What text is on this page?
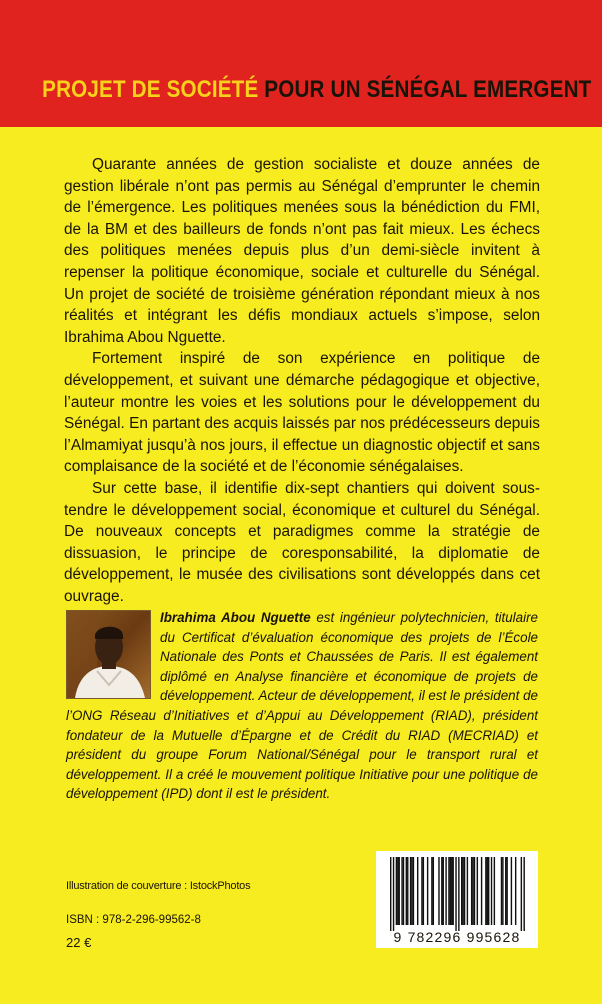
PROJET DE SOCIÉTÉ POUR UN SÉNÉGAL EMERGENT

Quarante années de gestion socialiste et douze années de gestion libérale n’ont pas permis au Sénégal d’emprunter le chemin de l’émergence. Les politiques menées sous la bénédiction du FMI, de la BM et des bailleurs de fonds n’ont pas fait mieux. Les échecs des politiques menées depuis plus d’un demi-siècle invitent à repenser la politique économique, sociale et culturelle du Sénégal. Un projet de société de troisième génération répondant mieux à nos réalités et intégrant les défis mondiaux actuels s’impose, selon Ibrahima Abou Nguette.

Fortement inspiré de son expérience en politique de développement, et suivant une démarche pédagogique et objective, l’auteur montre les voies et les solutions pour le développement du Sénégal. En partant des acquis laissés par nos prédécesseurs depuis l’Almamiyat jusqu’à nos jours, il effectue un diagnostic objectif et sans complaisance de la société et de l’économie sénégalaises.

Sur cette base, il identifie dix-sept chantiers qui doivent sous-tendre le développement social, économique et culturel du Sénégal. De nouveaux concepts et paradigmes comme la stratégie de dissuasion, le principe de coresponsabilité, la diplomatie de développement, le musée des civilisations sont développés dans cet ouvrage.

Ibrahima Abou Nguette est ingénieur polytechnicien, titulaire du Certificat d’évaluation économique des projets de l’École Nationale des Ponts et Chaussées de Paris. Il est également diplômé en Analyse financière et économique de projets de développement. Acteur de développement, il est le président de l’ONG Réseau d’Initiatives et d’Appui au Développement (RIAD), président fondateur de la Mutuelle d’Épargne et de Crédit du RIAD (MECRIAD) et président du groupe Forum National/Sénégal pour le transport rural et développement. Il a créé le mouvement politique Initiative pour une politique de développement (IPD) dont il est le président.
Illustration de couverture : IstockPhotos
ISBN : 978-2-296-99562-8
22 €	9 782296 995628
